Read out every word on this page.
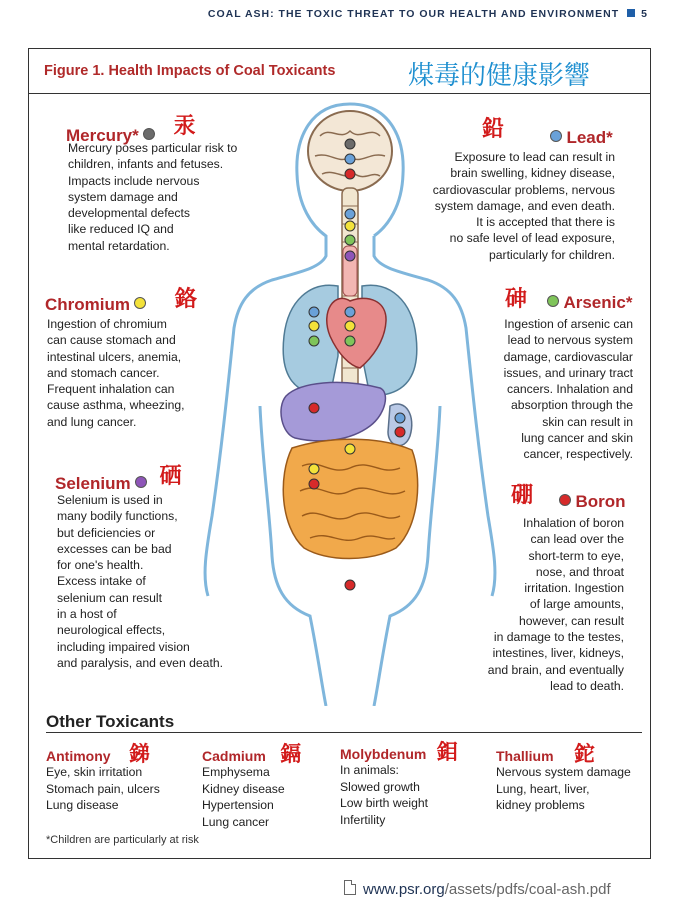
COAL ASH: THE TOXIC THREAT TO OUR HEALTH AND ENVIRONMENT 5
Figure 1. Health Impacts of Coal Toxicants	煤毒的健康影響
Mercury* 汞
Mercury poses particular risk to
children, infants and fetuses.
Impacts include nervous
system damage and
developmental defects
like reduced IQ and
mental retardation.
鉛	Lead*
Exposure to lead can result in
brain swelling, kidney disease,
cardiovascular problems, nervous
system damage, and even death.
It is accepted that there is
no safe level of lead exposure,
particularly for children.
Chromium 鉻
Ingestion of chromium
can cause stomach and
intestinal ulcers, anemia,
and stomach cancer.
Frequent inhalation can
cause asthma, wheezing,
and lung cancer.
砷	Arsenic*
Ingestion of arsenic can
lead to nervous system
damage, cardiovascular
issues, and urinary tract
cancers. Inhalation and
absorption through the
skin can result in
lung cancer and skin
cancer, respectively.
Selenium 硒
Selenium is used in
many bodily functions,
but deficiencies or
excesses can be bad
for one's health.
Excess intake of
selenium can result
in a host of
neurological effects,
including impaired vision
and paralysis, and even death.
硼	Boron
Inhalation of boron
can lead over the
short-term to eye,
nose, and throat
irritation. Ingestion
of large amounts,
however, can result
in damage to the testes,
intestines, liver, kidneys,
and brain, and eventually
lead to death.
Other Toxicants
Antimony 銻
Eye, skin irritation
Stomach pain, ulcers
Lung disease
Cadmium 鎘
Emphysema
Kidney disease
Hypertension
Lung cancer
Molybdenum 鉬
In animals:
Slowed growth
Low birth weight
Infertility
Thallium 鉈
Nervous system damage
Lung, heart, liver,
kidney problems
*Children are particularly at risk
www.psr.org/assets/pdfs/coal-ash.pdf
